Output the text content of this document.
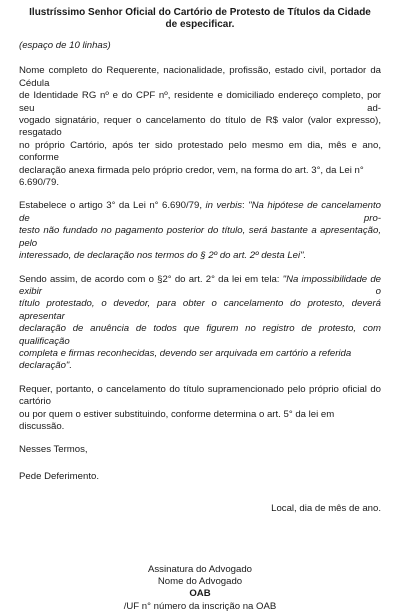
Ilustríssimo Senhor Oficial do Cartório de Protesto de Títulos da Cidade
de especificar.
(espaço de 10 linhas)

Nome completo do Requerente, nacionalidade, profissão, estado civil, portador da Cédula
de Identidade RG nº e do CPF nº, residente e domiciliado endereço completo, por seu ad-
vogado signatário, requer o cancelamento do título de R$ valor (valor expresso), resgatado
no próprio Cartório, após ter sido protestado pelo mesmo em dia, mês e ano, conforme
declaração anexa firmada pelo próprio credor, vem, na forma do art. 3°, da Lei n° 6.690/79.

Estabelece o artigo 3° da Lei n° 6.690/79, in verbis: "Na hipótese de cancelamento de pro-
testo não fundado no pagamento posterior do título, será bastante a apresentação, pelo
interessado, de declaração nos termos do § 2º do art. 2º desta Lei".

Sendo assim, de acordo com o §2° do art. 2° da lei em tela: "Na impossibilidade de exibir o
título protestado, o devedor, para obter o cancelamento do protesto, deverá apresentar
declaração de anuência de todos que figurem no registro de protesto, com qualificação
completa e firmas reconhecidas, devendo ser arquivada em cartório a referida declaração".

Requer, portanto, o cancelamento do título supramencionado pelo próprio oficial do cartório
ou por quem o estiver substituindo, conforme determina o art. 5° da lei em discussão.

Nesses Termos,
Pede Deferimento.
Local, dia de mês de ano.
Assinatura do Advogado
Nome do Advogado
OAB
/UF n° número da inscrição na OAB
